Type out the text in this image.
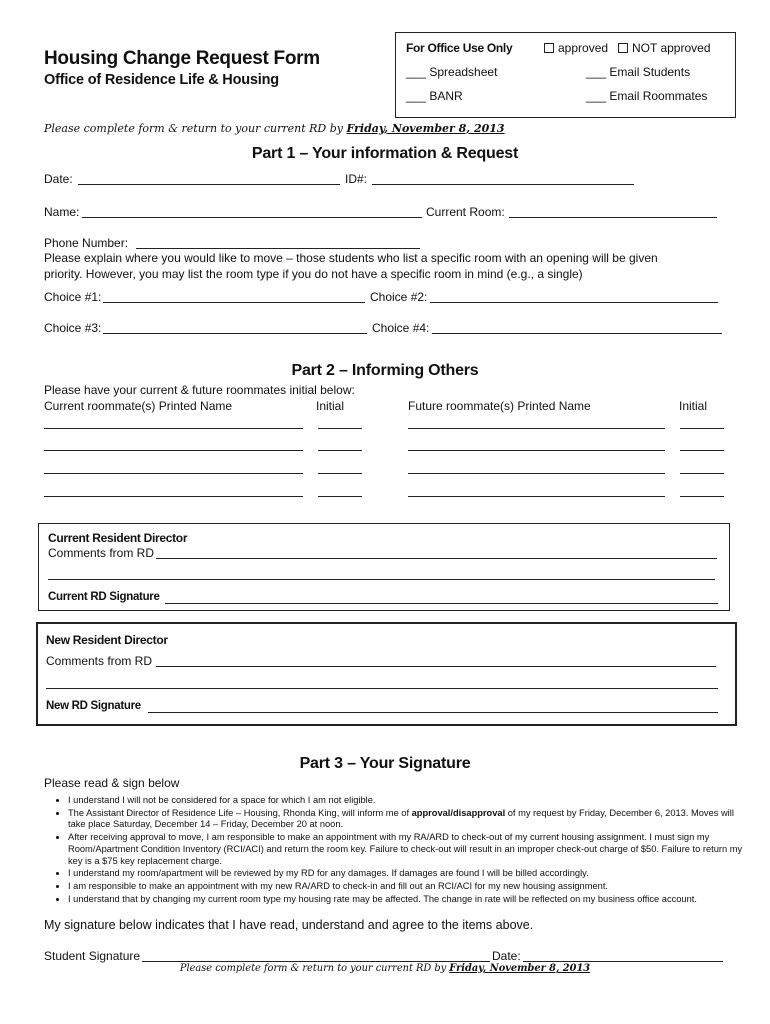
Housing Change Request Form
Office of Residence Life & Housing
For Office Use Only	approved	NOT approved
___ Spreadsheet	___ Email Students
___ BANR	___ Email Roommates
Please complete form & return to your current RD by Friday, November 8, 2013
Part 1 – Your information & Request
Date:	ID#:
Name:	Current Room:
Phone Number:
Please explain where you would like to move – those students who list a specific room with an opening will be given
priority. However, you may list the room type if you do not have a specific room in mind (e.g., a single)
Choice #1:	Choice #2:
Choice #3:	Choice #4:
Part 2 – Informing Others
Please have your current & future roommates initial below:
Current roommate(s) Printed Name	Initial	Future roommate(s) Printed Name	Initial
Current Resident Director
Comments from RD
Current RD Signature
New Resident Director
Comments from RD
New RD Signature
Part 3 – Your Signature
Please read & sign below
• I understand I will not be considered for a space for which I am not eligible.
• The Assistant Director of Residence Life – Housing, Rhonda King, will inform me of approval/disapproval of my request by Friday, December 6, 2013. Moves will take place Saturday, December 14 – Friday, December 20 at noon.
• After receiving approval to move, I am responsible to make an appointment with my RA/ARD to check-out of my current housing assignment. I must sign my Room/Apartment Condition Inventory (RCI/ACI) and return the room key. Failure to check-out will result in an improper check-out charge of $50. Failure to return my key is a $75 key replacement charge.
• I understand my room/apartment will be reviewed by my RD for any damages. If damages are found I will be billed accordingly.
• I am responsible to make an appointment with my new RA/ARD to check-in and fill out an RCI/ACI for my new housing assignment.
• I understand that by changing my current room type my housing rate may be affected. The change in rate will be reflected on my business office account.
My signature below indicates that I have read, understand and agree to the items above.
Student Signature	Date:
Please complete form & return to your current RD by Friday, November 8, 2013
